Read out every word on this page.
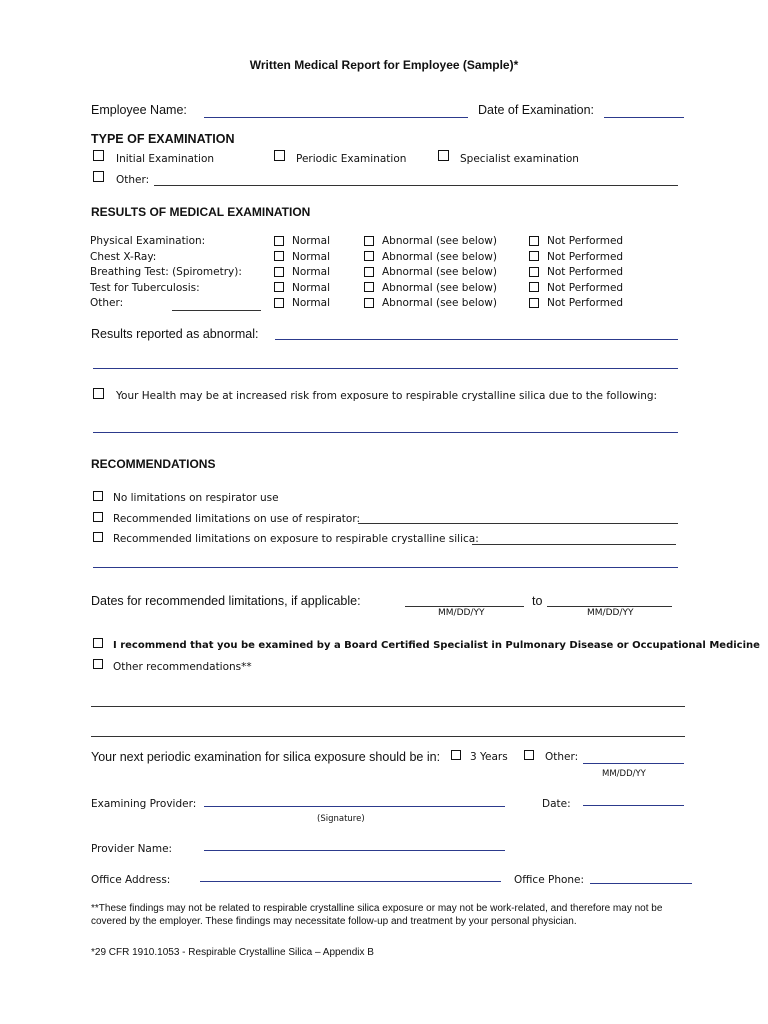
Written Medical Report for Employee (Sample)*
Employee Name:	Date of Examination:
TYPE OF EXAMINATION
Initial Examination	Periodic Examination	Specialist examination
Other:
RESULTS OF MEDICAL EXAMINATION
Physical Examination:	Normal	Abnormal (see below)	Not Performed
Chest X-Ray:	Normal	Abnormal (see below)	Not Performed
Breathing Test: (Spirometry):	Normal	Abnormal (see below)	Not Performed
Test for Tuberculosis:	Normal	Abnormal (see below)	Not Performed
Other:	Normal	Abnormal (see below)	Not Performed
Results reported as abnormal:
Your Health may be at increased risk from exposure to respirable crystalline silica due to the following:
RECOMMENDATIONS
No limitations on respirator use
Recommended limitations on use of respirator:
Recommended limitations on exposure to respirable crystalline silica:
Dates for recommended limitations, if applicable:
MM/DD/YY
to
MM/DD/YY
I recommend that you be examined by a Board Certified Specialist in Pulmonary Disease or Occupational Medicine
Other recommendations**
Your next periodic examination for silica exposure should be in:	3 Years	Other:
MM/DD/YY
Examining Provider:
(Signature)
Date:
Provider Name:
Office Address:	Office Phone:
**These findings may not be related to respirable crystalline silica exposure or may not be work-related, and therefore may not be
covered by the employer. These findings may necessitate follow-up and treatment by your personal physician.
*29 CFR 1910.1053 - Respirable Crystalline Silica – Appendix B
